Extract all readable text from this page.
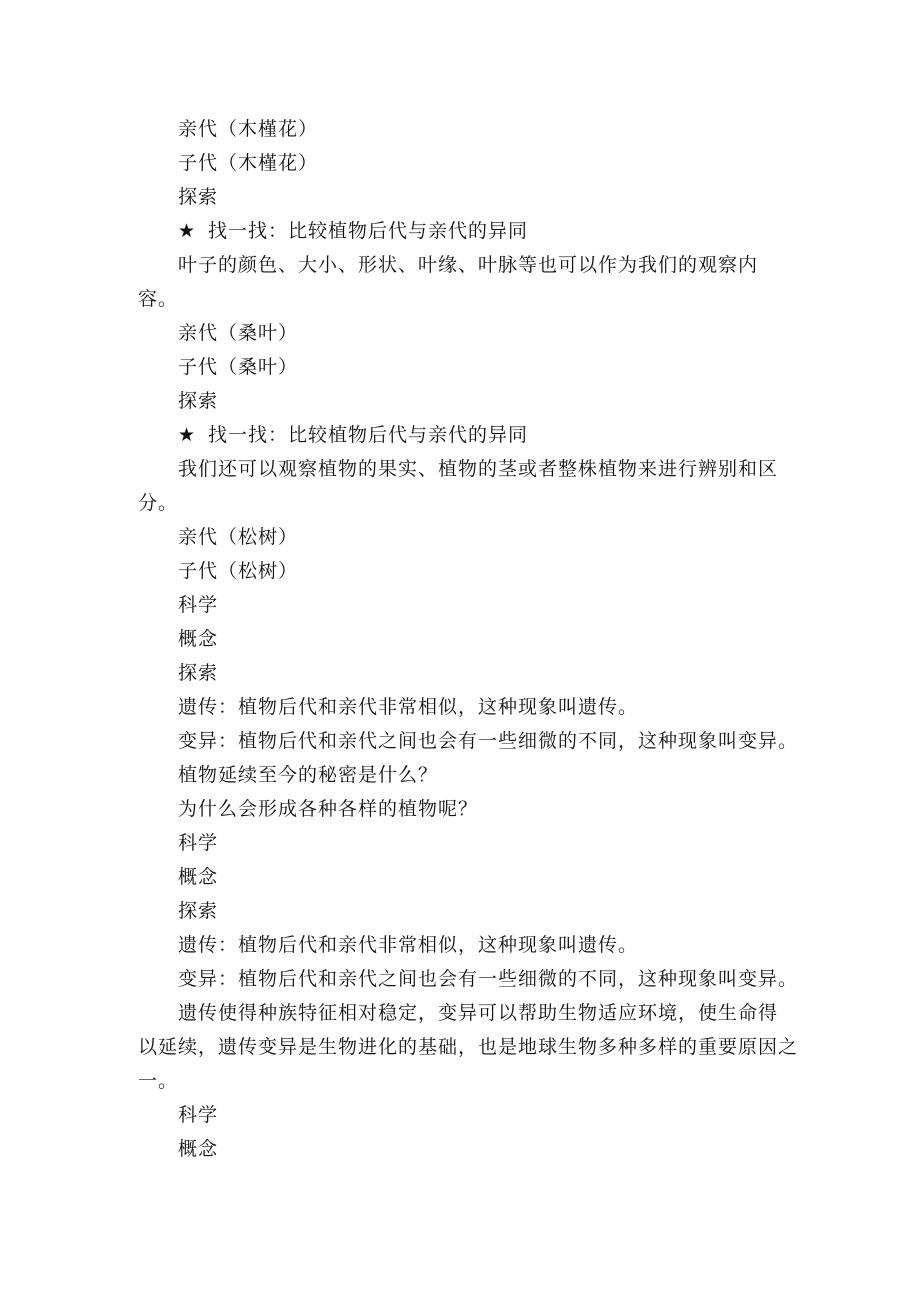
亲代（木槿花）
子代（木槿花）
探索
★ 找一找：比较植物后代与亲代的异同
叶子的颜色、大小、形状、叶缘、叶脉等也可以作为我们的观察内
容。
亲代（桑叶）
子代（桑叶）
探索
★ 找一找：比较植物后代与亲代的异同
我们还可以观察植物的果实、植物的茎或者整株植物来进行辨别和区
分。
亲代（松树）
子代（松树）
科学
概念
探索
遗传：植物后代和亲代非常相似，这种现象叫遗传。
变异：植物后代和亲代之间也会有一些细微的不同，这种现象叫变异。
植物延续至今的秘密是什么？
为什么会形成各种各样的植物呢？
科学
概念
探索
遗传：植物后代和亲代非常相似，这种现象叫遗传。
变异：植物后代和亲代之间也会有一些细微的不同，这种现象叫变异。
遗传使得种族特征相对稳定，变异可以帮助生物适应环境，使生命得
以延续，遗传变异是生物进化的基础，也是地球生物多种多样的重要原因之
一。
科学
概念
